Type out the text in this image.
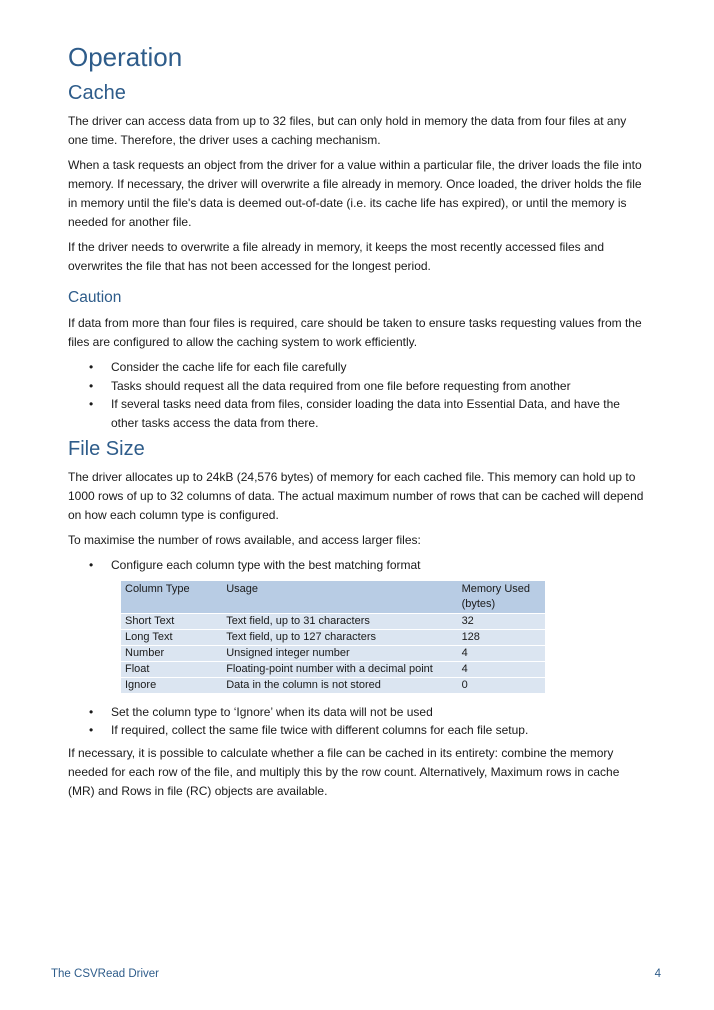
Operation
Cache

The driver can access data from up to 32 files, but can only hold in memory the data from four files at any one time. Therefore, the driver uses a caching mechanism.

When a task requests an object from the driver for a value within a particular file, the driver loads the file into memory. If necessary, the driver will overwrite a file already in memory. Once loaded, the driver holds the file in memory until the file's data is deemed out-of-date (i.e. its cache life has expired), or until the memory is needed for another file.

If the driver needs to overwrite a file already in memory, it keeps the most recently accessed files and overwrites the file that has not been accessed for the longest period.

Caution

If data from more than four files is required, care should be taken to ensure tasks requesting values from the files are configured to allow the caching system to work efficiently.

• Consider the cache life for each file carefully
• Tasks should request all the data required from one file before requesting from another
• If several tasks need data from files, consider loading the data into Essential Data, and have the other tasks access the data from there.
File Size

The driver allocates up to 24kB (24,576 bytes) of memory for each cached file. This memory can hold up to 1000 rows of up to 32 columns of data. The actual maximum number of rows that can be cached will depend on how each column type is configured.

To maximise the number of rows available, and access larger files:

• Configure each column type with the best matching format
Column Type	Usage	Memory Used (bytes)
Short Text	Text field, up to 31 characters	32
Long Text	Text field, up to 127 characters	128
Number	Unsigned integer number	4
Float	Floating-point number with a decimal point	4
Ignore	Data in the column is not stored	0
• Set the column type to ‘Ignore’ when its data will not be used
• If required, collect the same file twice with different columns for each file setup.

If necessary, it is possible to calculate whether a file can be cached in its entirety: combine the memory needed for each row of the file, and multiply this by the row count. Alternatively, Maximum rows in cache (MR) and Rows in file (RC) objects are available.

The CSVRead Driver	4
